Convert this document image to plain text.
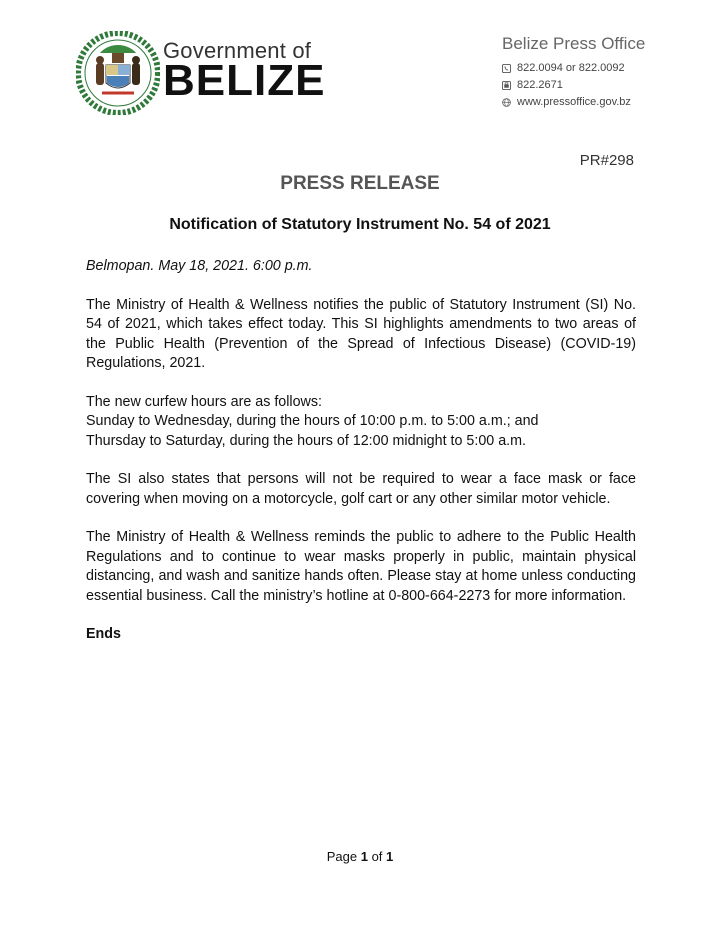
Government of
BELIZE
Belize Press Office
822.0094 or 822.0092
822.2671
www.pressoffice.gov.bz
PR#298
PRESS RELEASE
Notification of Statutory Instrument No. 54 of 2021

Belmopan. May 18, 2021. 6:00 p.m.

The Ministry of Health & Wellness notifies the public of Statutory Instrument (SI) No. 54 of 2021, which takes effect today. This SI highlights amendments to two areas of the Public Health (Prevention of the Spread of Infectious Disease) (COVID-19) Regulations, 2021.

The new curfew hours are as follows:
Sunday to Wednesday, during the hours of 10:00 p.m. to 5:00 a.m.; and
Thursday to Saturday, during the hours of 12:00 midnight to 5:00 a.m.

The SI also states that persons will not be required to wear a face mask or face covering when moving on a motorcycle, golf cart or any other similar motor vehicle.

The Ministry of Health & Wellness reminds the public to adhere to the Public Health Regulations and to continue to wear masks properly in public, maintain physical distancing, and wash and sanitize hands often. Please stay at home unless conducting essential business. Call the ministry’s hotline at 0-800-664-2273 for more information.

Ends

Page 1 of 1
